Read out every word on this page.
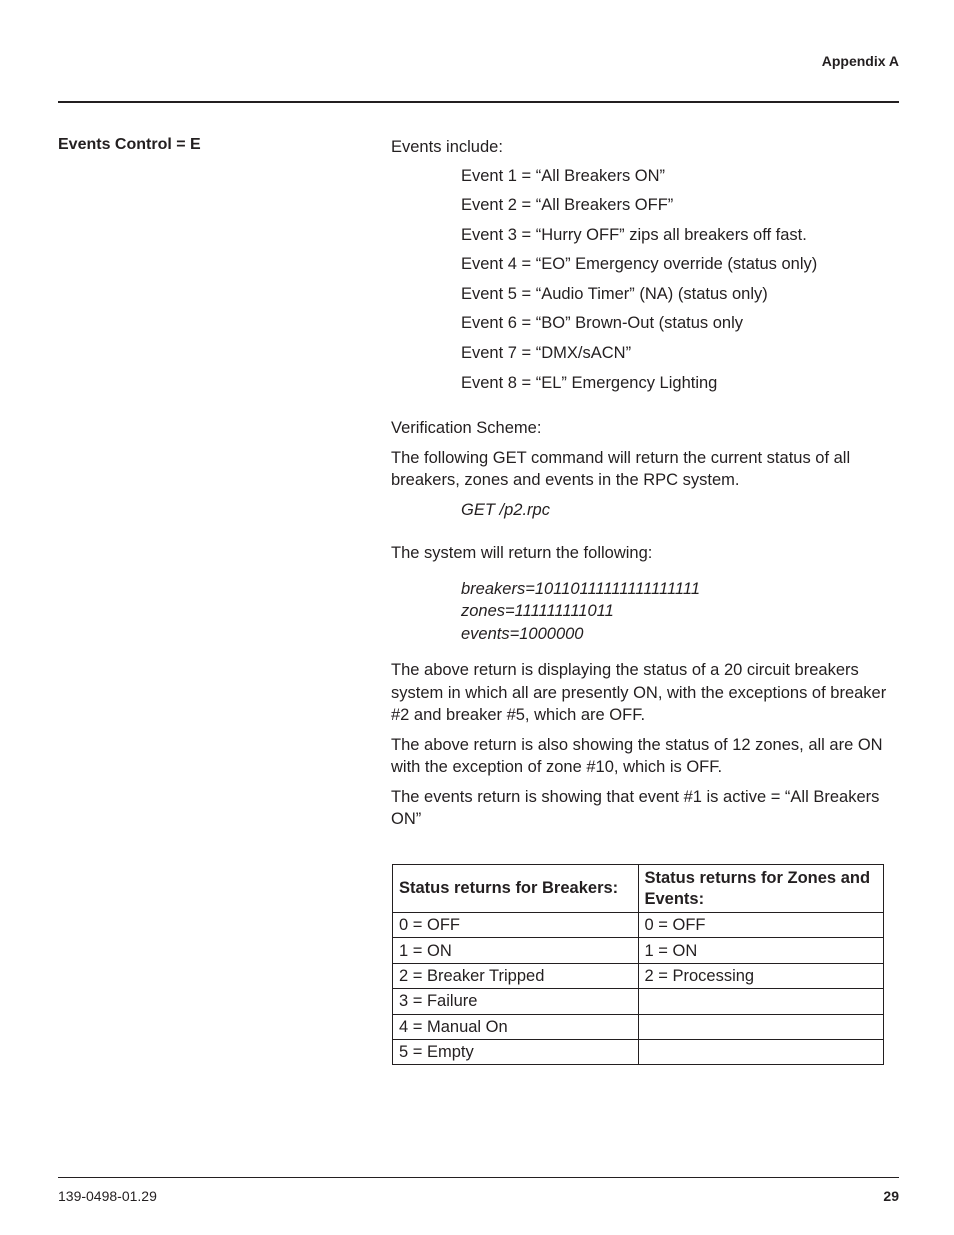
Appendix A
Events Control = E	Events include:

Event 1 = “All Breakers ON”
Event 2 = “All Breakers OFF”
Event 3 = “Hurry OFF” zips all breakers off fast.
Event 4 = “EO” Emergency override (status only)
Event 5 = “Audio Timer” (NA) (status only)
Event 6 = “BO” Brown-Out (status only
Event 7 = “DMX/sACN”
Event 8 = “EL” Emergency Lighting

Verification Scheme:

The following GET command will return the current status of all breakers, zones and events in the RPC system.

GET /p2.rpc

The system will return the following:

breakers=10110111111111111111
zones=111111111011
events=1000000

The above return is displaying the status of a 20 circuit breakers system in which all are presently ON, with the exceptions of breaker #2 and breaker #5, which are OFF.

The above return is also showing the status of 12 zones, all are ON with the exception of zone #10, which is OFF.

The events return is showing that event #1 is active = “All Breakers ON”

Status returns for Breakers:	Status returns for Zones and Events:
0 = OFF	0 = OFF
1 = ON	1 = ON
2 = Breaker Tripped	2 = Processing
3 = Failure	
4 = Manual On	
5 = Empty	
139-0498-01.29	29
